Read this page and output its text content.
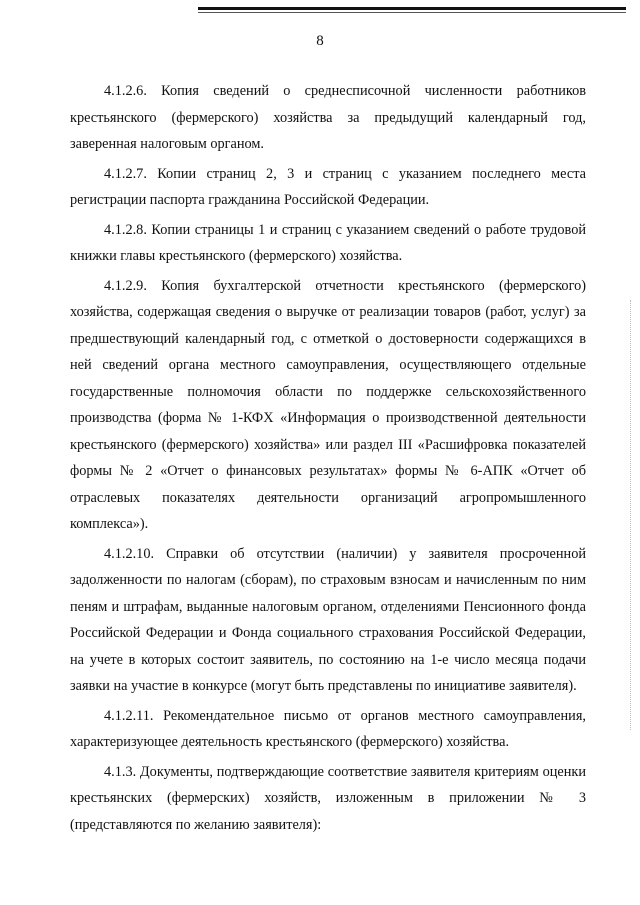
8

4.1.2.6. Копия сведений о среднесписочной численности работников крестьянского (фермерского) хозяйства за предыдущий календарный год, заверенная налоговым органом.

4.1.2.7. Копии страниц 2, 3 и страниц с указанием последнего места регистрации паспорта гражданина Российской Федерации.

4.1.2.8. Копии страницы 1 и страниц с указанием сведений о работе трудовой книжки главы крестьянского (фермерского) хозяйства.

4.1.2.9. Копия бухгалтерской отчетности крестьянского (фермерского) хозяйства, содержащая сведения о выручке от реализации товаров (работ, услуг) за предшествующий календарный год, с отметкой о достоверности содержащихся в ней сведений органа местного самоуправления, осуществляющего отдельные государственные полномочия области по поддержке сельскохозяйственного производства (форма № 1-КФХ «Информация о производственной деятельности крестьянского (фермерского) хозяйства» или раздел III «Расшифровка показателей формы № 2 «Отчет о финансовых результатах» формы № 6-АПК «Отчет об отраслевых показателях деятельности организаций агропромышленного комплекса»).

4.1.2.10. Справки об отсутствии (наличии) у заявителя просроченной задолженности по налогам (сборам), по страховым взносам и начисленным по ним пеням и штрафам, выданные налоговым органом, отделениями Пенсионного фонда Российской Федерации и Фонда социального страхования Российской Федерации, на учете в которых состоит заявитель, по состоянию на 1-е число месяца подачи заявки на участие в конкурсе (могут быть представлены по инициативе заявителя).

4.1.2.11. Рекомендательное письмо от органов местного самоуправления, характеризующее деятельность крестьянского (фермерского) хозяйства.

4.1.3. Документы, подтверждающие соответствие заявителя критериям оценки крестьянских (фермерских) хозяйств, изложенным в приложении № 3 (представляются по желанию заявителя):
